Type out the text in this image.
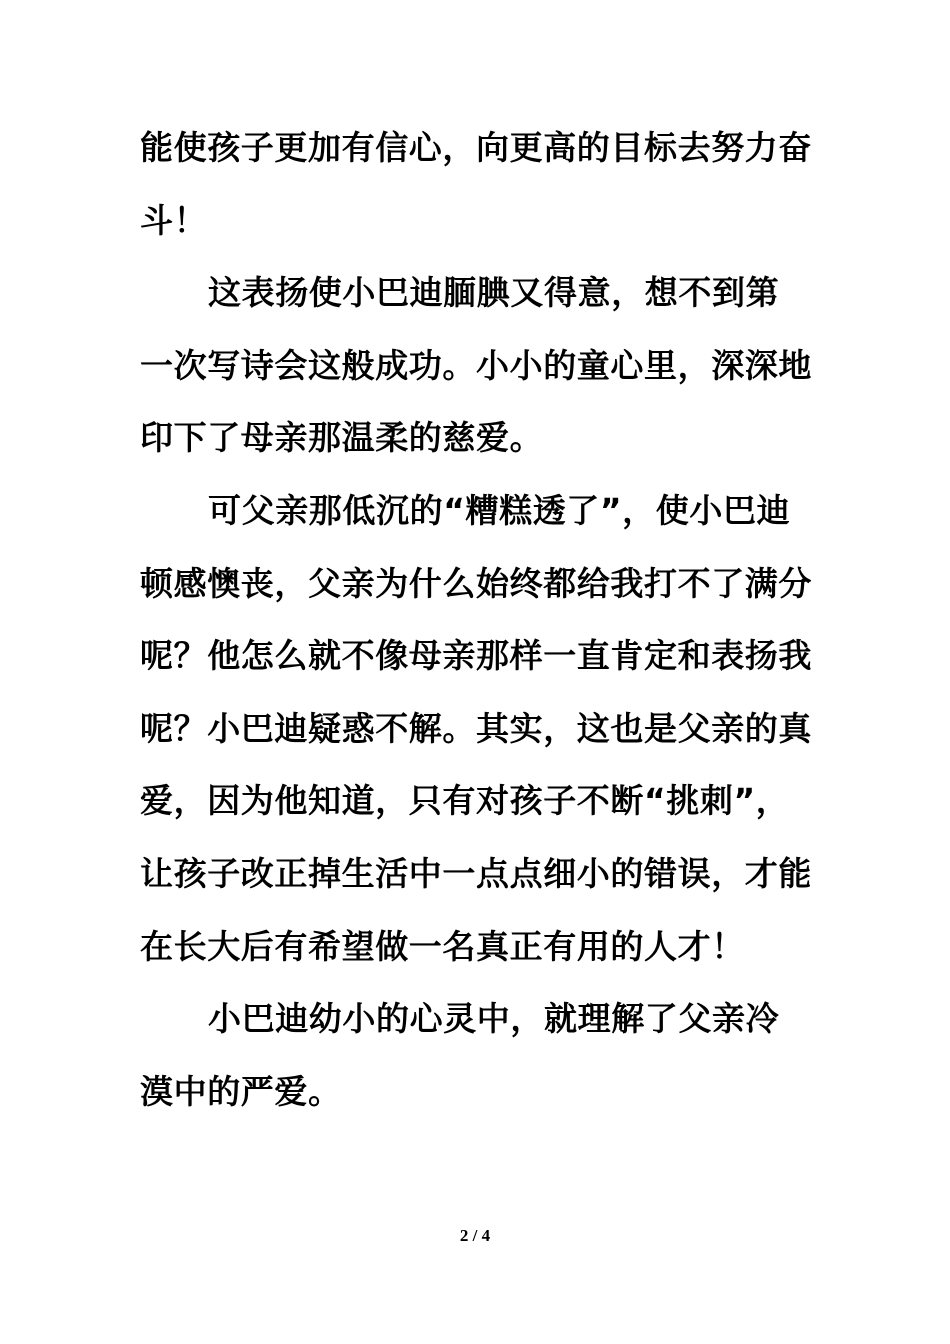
能使孩子更加有信心，向更高的目标去努力奋斗！

这表扬使小巴迪腼腆又得意，想不到第一次写诗会这般成功。小小的童心里，深深地印下了母亲那温柔的慈爱。

可父亲那低沉的“糟糕透了”，使小巴迪顿感懊丧，父亲为什么始终都给我打不了满分呢？他怎么就不像母亲那样一直肯定和表扬我呢？小巴迪疑惑不解。其实，这也是父亲的真爱，因为他知道，只有对孩子不断“挑刺”，让孩子改正掉生活中一点点细小的错误，才能在长大后有希望做一名真正有用的人才！

小巴迪幼小的心灵中，就理解了父亲冷漠中的严爱。

2 / 4
